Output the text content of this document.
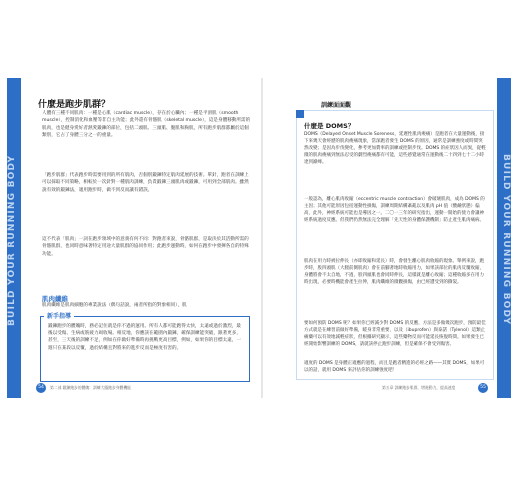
BUILD YOUR RUNNING BODY	BUILD YOUR RUNNING BODY
什麼是跑步肌群？
人體有三種不同肌肉：一種是心肌（cardiac muscle），存在於心臟內；一種是平滑肌（smooth muscle），控制消化和血壓等非自主功能；此外還有骨骼肌（skeletal muscle），這是身體移動所需的肌肉，也是健身愛好者熱愛鍛鍊的部位，包括二頭肌、三頭肌、腹肌和胸肌，所有跑步肌群都屬於這個類別，它占了身體三分之一的重量。
「跑步肌群」代表跑步時需要用到的所有肌肉，否個別鍛鍊特定肌肉延展的技術。單針，跑者在訓練上可以採取不同策略，相較於一次針對一種肌肉訓練，負責鍛鍊三頭肌肉或鍛鍊，可用到全部肌肉。雖然說有效的鍛鍊法，適用跑步時，做不到反而讓有錯誤。
這不代表「肌肉」一詞在跑步領域中的意義有何不同：對跑者來說，骨骼肌群，是取決於其活動所需的骨骼肌群，也同時意味著特定用途大量肌群的協同作用；此跑步運動時，如何在跑步中發揮各自的特殊功能。
肌肉纖維
肌肉纖維是肌肉細胞的專業說法（偶句話說，兩者所指的對象相同），肌
新手指導
鍛鍊跑步的體魄時，務必記住就是你不過的運用。所有人都可能跑得太快，太遠或過於激烈，最後以受傷、生病或筋疲力竭收場。相反地，你應該在範圍內鍛鍊，確保訓練能突破，跟著更多，甚至，三天後的訓練不足，例如在你做好準備時再挑戰更高目標，例如，如果你的目標太遠，一週只在某段以反覆，過於結構且對將來的進步反而是極度有害的。
54	第二部 鍛鍊跑步的體魄：訓練大腦跑步身體機能
訓練面面觀
什麼是 DOMS？
DOMS（Delayed Onset Muscle Soreness，延遲性肌肉痠痛）是跑者在大量運動後，接下來幾天會經歷的肌肉痠痛現象，當深跑者發生 DOMS 的原因，通常是訓練強度或時間突然改變；是因為步伐變化，參考更加費率的訓練或控制步伐。DOMS 的症狀因人而異，從輕微的肌肉痠痛到無法忍受的劇烈痠痛都有可能，這些感覺通常在運動後二十四到七十二小時達到巔峰。
一般認為，離心肌肉收縮（eccentric muscle contraction）會破壞肌肉，成為 DOMS 的主因；其他可能原因包括運動性損傷，訓練周期結構紊亂以及肌肉 pH 值（酸鹼狀態）偏高，此外，神經系統可能也是導因之一。二〇一三年的研究指出，運動一開始的使力會讓神經系統過度反應。但我們仍然無法完全理解「先天性的身體保護機制」防止產生肌肉痛病。
肌肉在用力時被拉伸長（亦即收縮和延長）時，會發生離心肌肉收縮的現象。舉例來說，跑步時，股四頭肌（大腿前側肌肉）會在前腳著地時收縮用力，如果該部位的肌肉反覆收縮，身體將會不太自地，不過，股四頭肌也會同時伸長，這樣就是離心收縮；這種收縮多在用力時出現，必要時機能會產生拉伸，肌肉纖維的微觀損傷，由已經遭受到的撕裂。
要如何預防 DOMS 呢？如果你已經減少對 DOMS 的反應，方法是多做幾次跑步，預防最佳方式就是在練習前做好準備，暖身非常重要，以及（ibuprofen）與泰諾（Tylenol）這類止痛藥可以有效地減輕症狀，但根據研究顯示，這些藥物反而可能延長恢復時間。如果發生已經開始影響訓練的 DOMS，請就該停止跑步訓練，但是確保不會受到傷害。
適度的 DOMS 是身體正適應的過程，而且是跑者精進的必經之路——其實 DOMS，如果可以的話，就用 DOMS 來評估你的訓練強度吧！
55
第五章 訓練跑步肌群，增進動力，提高速度
